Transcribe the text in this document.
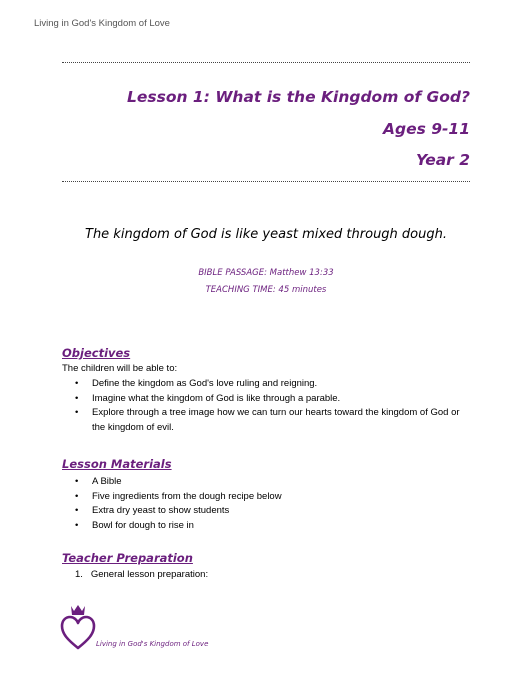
Living in God's Kingdom of Love
Lesson 1: What is the Kingdom of God?
Ages 9-11
Year 2
The kingdom of God is like yeast mixed through dough.
BIBLE PASSAGE: Matthew 13:33
TEACHING TIME: 45 minutes
Objectives
The children will be able to:
• Define the kingdom as God's love ruling and reigning.
• Imagine what the kingdom of God is like through a parable.
• Explore through a tree image how we can turn our hearts toward the kingdom of God or the kingdom of evil.
Lesson Materials
• A Bible
• Five ingredients from the dough recipe below
• Extra dry yeast to show students
• Bowl for dough to rise in
Teacher Preparation
1.   General lesson preparation:
Living in God's Kingdom of Love
